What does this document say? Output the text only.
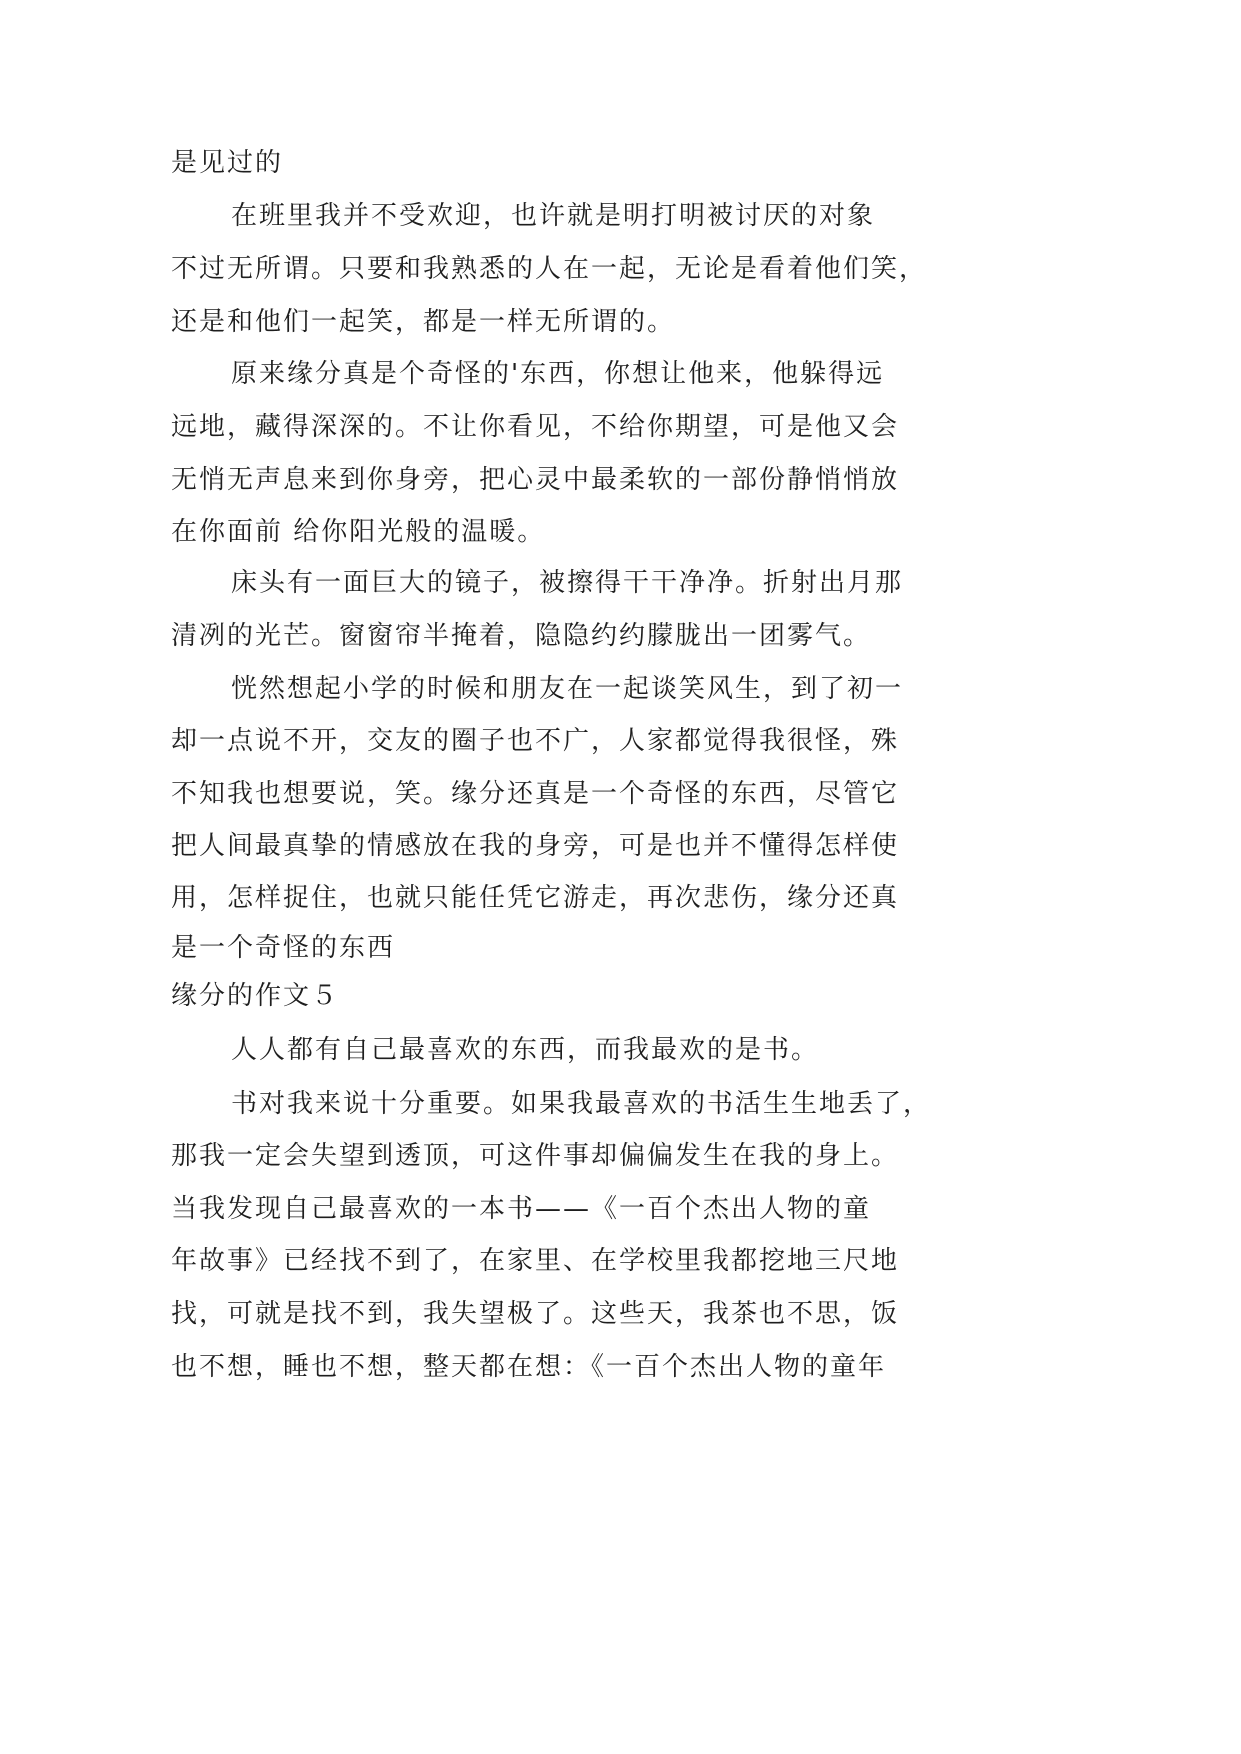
是见过的

在班里我并不受欢迎，也许就是明打明被讨厌的对象

不过无所谓。只要和我熟悉的人在一起，无论是看着他们笑，

还是和他们一起笑，都是一样无所谓的。

原来缘分真是个奇怪的'东西，你想让他来，他躲得远

远地，藏得深深的。不让你看见，不给你期望，可是他又会

无悄无声息来到你身旁，把心灵中最柔软的一部份静悄悄放

在你面前 给你阳光般的温暖。

床头有一面巨大的镜子，被擦得干干净净。折射出月那

清冽的光芒。窗窗帘半掩着，隐隐约约朦胧出一团雾气。

恍然想起小学的时候和朋友在一起谈笑风生，到了初一

却一点说不开，交友的圈子也不广，人家都觉得我很怪，殊

不知我也想要说，笑。缘分还真是一个奇怪的东西，尽管它

把人间最真挚的情感放在我的身旁，可是也并不懂得怎样使

用，怎样捉住，也就只能任凭它游走，再次悲伤，缘分还真

是一个奇怪的东西

缘分的作文５

人人都有自己最喜欢的东西，而我最欢的是书。

书对我来说十分重要。如果我最喜欢的书活生生地丢了，

那我一定会失望到透顶，可这件事却偏偏发生在我的身上。

当我发现自己最喜欢的一本书——《一百个杰出人物的童

年故事》已经找不到了，在家里、在学校里我都挖地三尺地

找，可就是找不到，我失望极了。这些天，我茶也不思，饭

也不想，睡也不想，整天都在想：《一百个杰出人物的童年
